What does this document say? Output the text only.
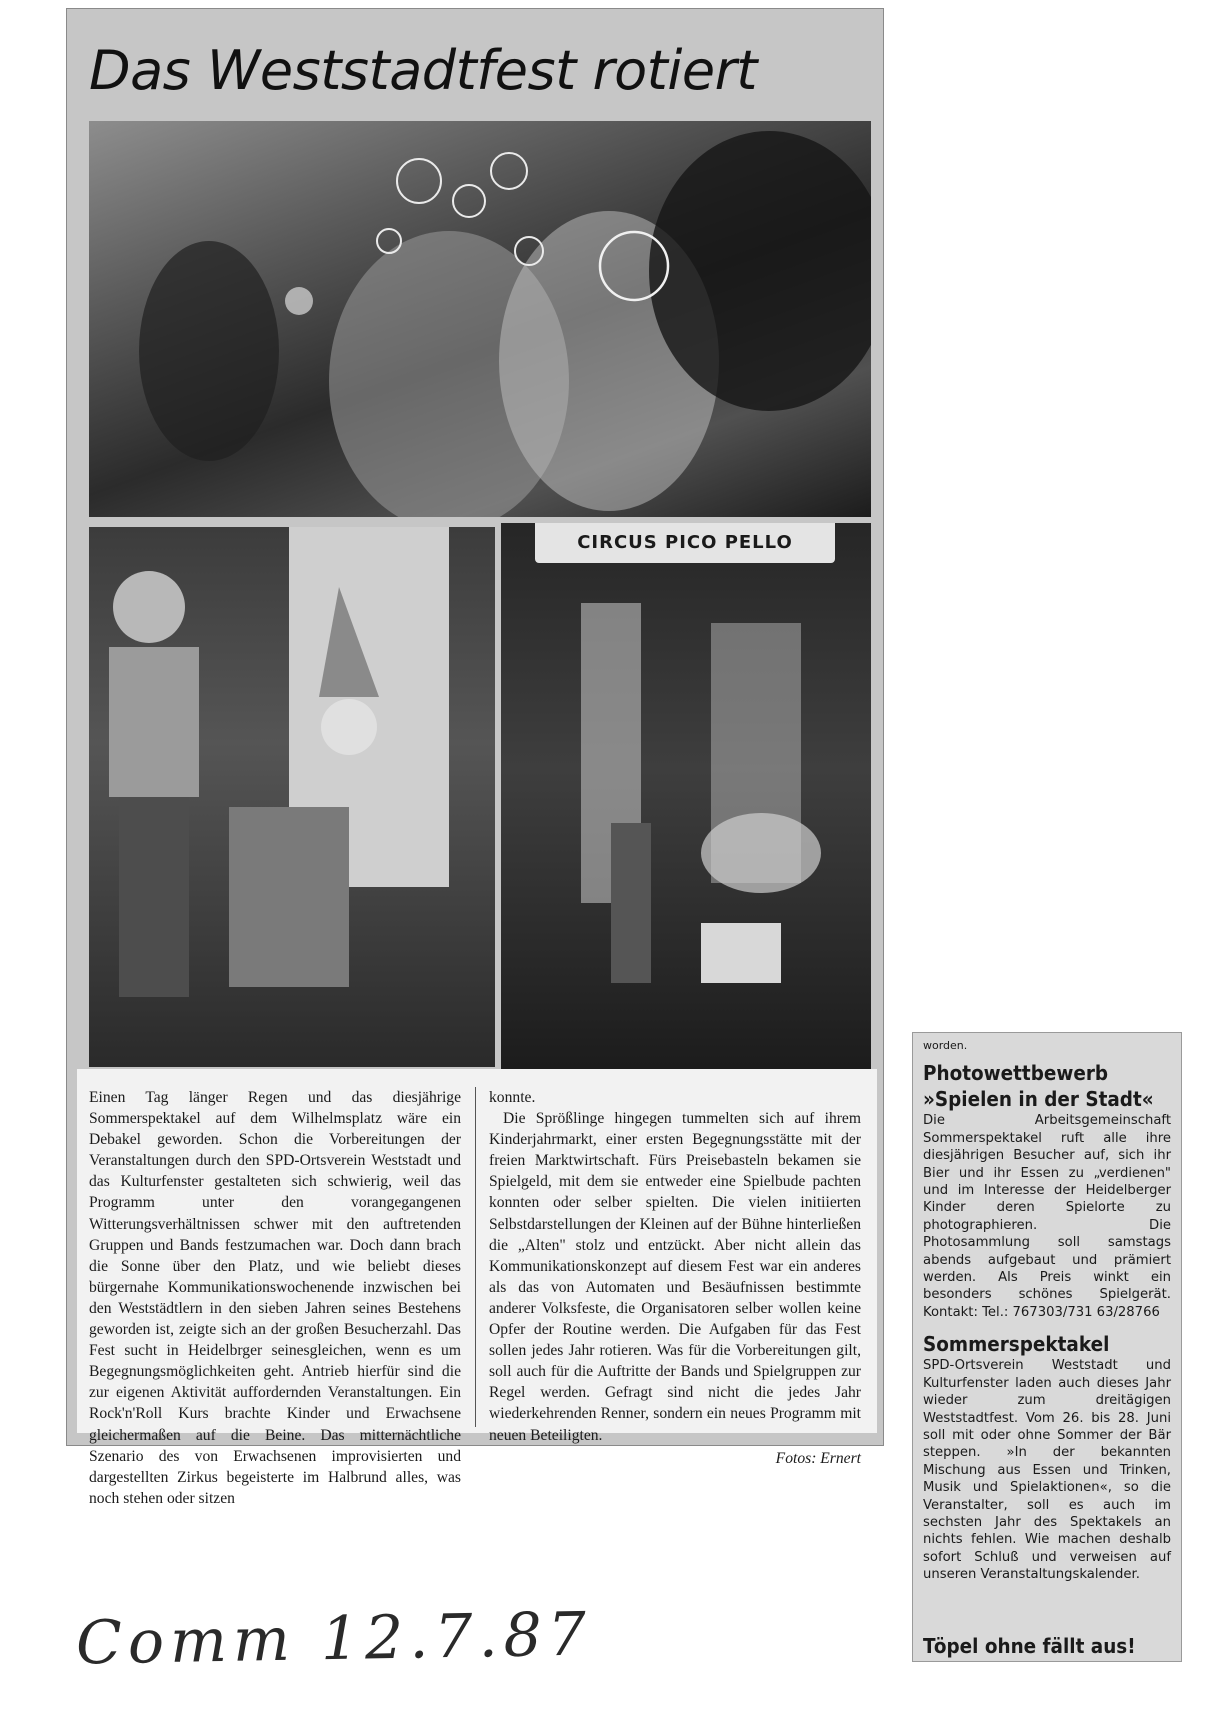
Das Weststadtfest rotiert
CIRCUS PICO PELLO

Einen Tag länger Regen und das diesjährige Sommerspektakel auf dem Wilhelmsplatz wäre ein Debakel geworden. Schon die Vorbereitungen der Veranstaltungen durch den SPD-Ortsverein Weststadt und das Kulturfenster gestalteten sich schwierig, weil das Programm unter den vorangegangenen Witterungsverhältnissen schwer mit den auftretenden Gruppen und Bands festzumachen war. Doch dann brach die Sonne über den Platz, und wie beliebt dieses bürgernahe Kommunikationswochenende inzwischen bei den Weststädtlern in den sieben Jahren seines Bestehens geworden ist, zeigte sich an der großen Besucherzahl. Das Fest sucht in Heidelbrger seinesgleichen, wenn es um Begegnungsmöglichkeiten geht. Antrieb hierfür sind die zur eigenen Aktivität auffordernden Veranstaltungen. Ein Rock'n'Roll Kurs brachte Kinder und Erwachsene gleichermaßen auf die Beine. Das mitternächtliche Szenario des von Erwachsenen improvisierten und dargestellten Zirkus begeisterte im Halbrund alles, was noch stehen oder sitzen

konnte.

Die Sprößlinge hingegen tummelten sich auf ihrem Kinderjahrmarkt, einer ersten Begegnungsstätte mit der freien Marktwirtschaft. Fürs Preisebasteln bekamen sie Spielgeld, mit dem sie entweder eine Spielbude pachten konnten oder selber spielten. Die vielen initiierten Selbstdarstellungen der Kleinen auf der Bühne hinterließen die „Alten" stolz und entzückt. Aber nicht allein das Kommunikationskonzept auf diesem Fest war ein anderes als das von Automaten und Besäufnissen bestimmte anderer Volksfeste, die Organisatoren selber wollen keine Opfer der Routine werden. Die Aufgaben für das Fest sollen jedes Jahr rotieren. Was für die Vorbereitungen gilt, soll auch für die Auftritte der Bands und Spielgruppen zur Regel werden. Gefragt sind nicht die jedes Jahr wiederkehrenden Renner, sondern ein neues Programm mit neuen Beteiligten.

Fotos: Ernert

worden.

Photowettbewerb

»Spielen in der Stadt«

Die Arbeitsgemeinschaft Sommerspektakel ruft alle ihre diesjährigen Besucher auf, sich ihr Bier und ihr Essen zu „verdienen" und im Interesse der Heidelberger Kinder deren Spielorte zu photographieren. Die Photosammlung soll samstags abends aufgebaut und prämiert werden. Als Preis winkt ein besonders schönes Spielgerät. Kontakt: Tel.: 767303/731 63/28766

Sommerspektakel

SPD-Ortsverein Weststadt und Kulturfenster laden auch dieses Jahr wieder zum dreitägigen Weststadtfest. Vom 26. bis 28. Juni soll mit oder ohne Sommer der Bär steppen. »In der bekannten Mischung aus Essen und Trinken, Musik und Spielaktionen«, so die Veranstalter, soll es auch im sechsten Jahr des Spektakels an nichts fehlen. Wie machen deshalb sofort Schluß und verweisen auf unseren Veranstaltungskalender.

Töpel ohne fällt aus!

Comm 12.7.87
